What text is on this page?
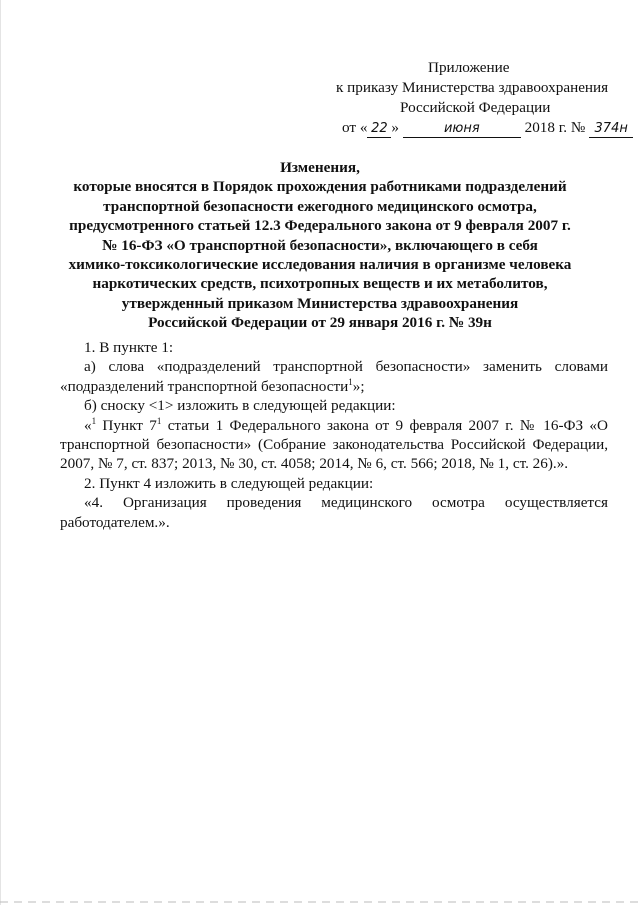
Приложение
к приказу Министерства здравоохранения
Российской Федерации
от « 22 »	июня	2018 г. № 374н
Изменения,
которые вносятся в Порядок прохождения работниками подразделений
транспортной безопасности ежегодного медицинского осмотра,
предусмотренного статьей 12.3 Федерального закона от 9 февраля 2007 г.
№ 16-ФЗ «О транспортной безопасности», включающего в себя
химико-токсикологические исследования наличия в организме человека
наркотических средств, психотропных веществ и их метаболитов,
утвержденный приказом Министерства здравоохранения
Российской Федерации от 29 января 2016 г. № 39н

1. В пункте 1:

а) слова «подразделений транспортной безопасности» заменить словами «подразделений транспортной безопасности$^1$»;

б) сноску <1> изложить в следующей редакции:

«$^1$ Пункт $7^1$ статьи 1 Федерального закона от 9 февраля 2007 г. № 16-ФЗ «О транспортной безопасности» (Собрание законодательства Российской Федерации, 2007, № 7, ст. 837; 2013, № 30, ст. 4058; 2014, № 6, ст. 566; 2018, № 1, ст. 26).».

2. Пункт 4 изложить в следующей редакции:

«4. Организация проведения медицинского осмотра осуществляется работодателем.».
